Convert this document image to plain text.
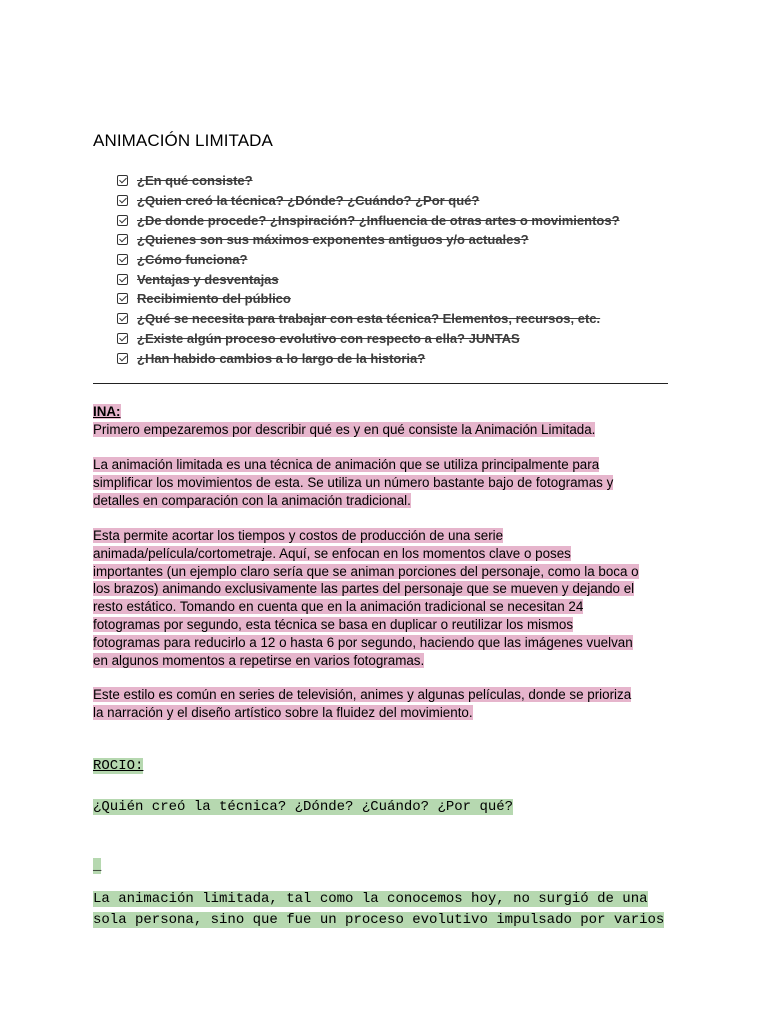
ANIMACIÓN LIMITADA
¿En qué consiste?
¿Quien creó la técnica? ¿Dónde? ¿Cuándo? ¿Por qué?
¿De donde procede? ¿Inspiración? ¿Influencia de otras artes o movimientos?
¿Quienes son sus máximos exponentes antiguos y/o actuales?
¿Cómo funciona?
Ventajas y desventajas
Recibimiento del público
¿Qué se necesita para trabajar con esta técnica? Elementos, recursos, etc.
¿Existe algún proceso evolutivo con respecto a ella? JUNTAS
¿Han habido cambios a lo largo de la historia?

INA:

Primero empezaremos por describir qué es y en qué consiste la Animación Limitada.

La animación limitada es una técnica de animación que se utiliza principalmente para
simplificar los movimientos de esta. Se utiliza un número bastante bajo de fotogramas y
detalles en comparación con la animación tradicional.
Esta permite acortar los tiempos y costos de producción de una serie
animada/película/cortometraje. Aquí, se enfocan en los momentos clave o poses
importantes (un ejemplo claro sería que se animan porciones del personaje, como la boca o
los brazos) animando exclusivamente las partes del personaje que se mueven y dejando el
resto estático. Tomando en cuenta que en la animación tradicional se necesitan 24
fotogramas por segundo, esta técnica se basa en duplicar o reutilizar los mismos
fotogramas para reducirlo a 12 o hasta 6 por segundo, haciendo que las imágenes vuelvan
en algunos momentos a repetirse en varios fotogramas.
Este estilo es común en series de televisión, animes y algunas películas, donde se prioriza
la narración y el diseño artístico sobre la fluidez del movimiento.
ROCIO:
¿Quién creó la técnica? ¿Dónde? ¿Cuándo? ¿Por qué?
_
La animación limitada, tal como la conocemos hoy, no surgió de una
sola persona, sino que fue un proceso evolutivo impulsado por varios
